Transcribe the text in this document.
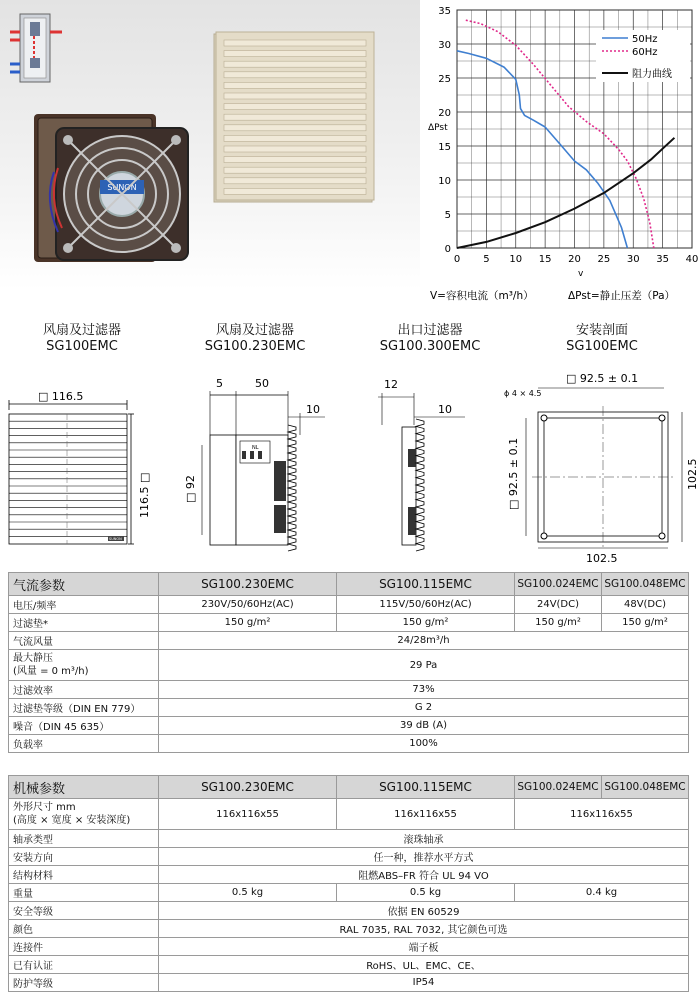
SUNON
0 5 10 15 20 25 30 35 40
0
5
10
15
20
25
30
35
ΔPst
v
V=容积电流（m³/h）	ΔPst=静止压差（Pa）
50Hz
60Hz
阻力曲线
风扇及过滤器
SG100EMC
风扇及过滤器
SG100.230EMC
出口过滤器
SG100.300EMC
安装剖面
SG100EMC
□ 116.5
SUNON
116.5 □
5	50
10
NL
□ 92
12
10
□ 92.5 ± 0.1
ϕ 4 × 4.5
□ 92.5 ± 0.1	102.5
102.5
气流参数	SG100.230EMC	SG100.115EMC	SG100.024EMC	SG100.048EMC
电压/频率	230V/50/60Hz(AC)	115V/50/60Hz(AC)	24V(DC)	48V(DC)
过滤垫*	150 g/m²	150 g/m²	150 g/m²	150 g/m²
气流风量	24/28m³/h			

最大静压
(风量 = 0 m³/h)	29 Pa			
过滤效率	73%			
过滤垫等级（DIN EN 779）	G 2			
噪音（DIN 45 635）	39 dB (A)			
负载率	100%			
机械参数	SG100.230EMC	SG100.115EMC	SG100.024EMC	SG100.048EMC

外形尺寸 mm
(高度 × 宽度 × 安装深度)	116x116x55	116x116x55	116x116x55	
轴承类型	滚珠轴承			
安装方向	任一种，推荐水平方式			
结构材料	阻燃ABS–FR 符合 UL 94 VO			
重量	0.5 kg	0.5 kg	0.4 kg	
安全等级	依据 EN 60529			
颜色	RAL 7035, RAL 7032, 其它颜色可选			
连接件	端子板			
已有认证	RoHS、UL、EMC、CE、			
防护等级	IP54			
